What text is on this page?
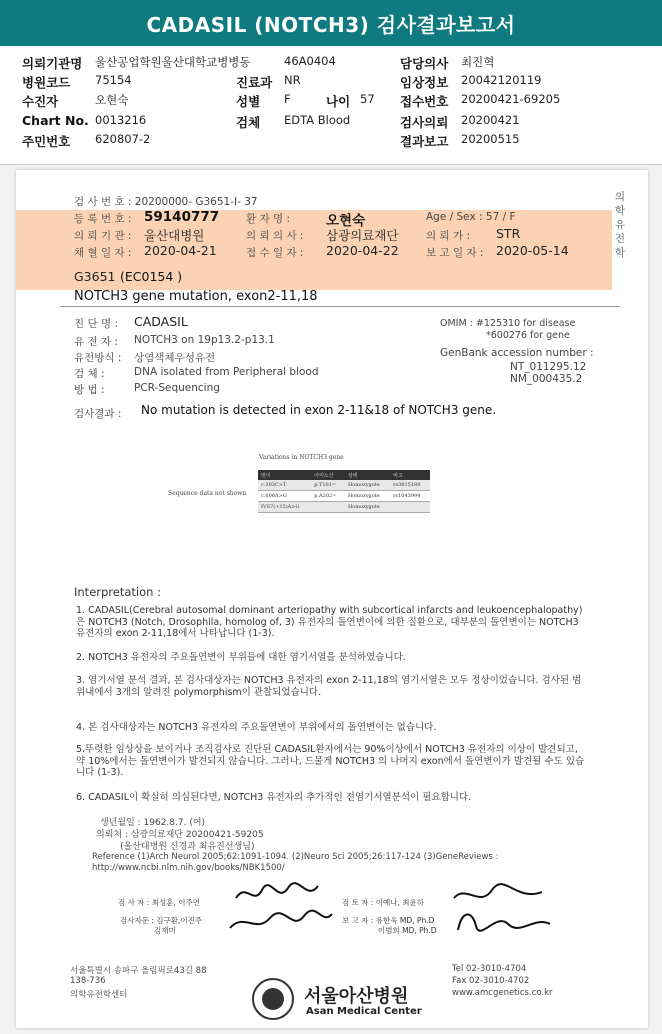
CADASIL (NOTCH3) 검사결과보고서
의뢰기관명 울산공업학원울산대학교병병동	46A0404	담당의사 최진혁
병원코드 75154	진료과 NR	임상정보 20042120119
수진자	오현숙	성별 F	나이 57 접수번호 20200421-69205
Chart No. 0013216	검체 EDTA Blood	검사의뢰 20200421
주민번호 620807-2	결과보고 20200515
의
학
유
전
학
검 사 번 호 : 20200000- G3651-I- 37
등 록 번 호 : 59140777	환 자 명 :	오현숙	Age / Sex : 57 / F
의 뢰 기 관 : 울산대병원	의 뢰 의 사 : 삼광의료재단	의 뢰 가 : STR
채 혈 일 자 : 2020-04-21	접 수 일 자 : 2020-04-22	보 고 일 자 : 2020-05-14
G3651 (EC0154 )
NOTCH3 gene mutation, exon2-11,18
진 단 명 : CADASIL
유 전 자 : NOTCH3 on 19p13.2-p13.1
유전방식 : 상염색체우성유전
검 체 :	DNA isolated from Peripheral blood
방 법 :	PCR-Sequencing
OMIM : #125310 for disease
*600276 for gene
GenBank accession number :
NT_011295.12
NM_000435.2
검사결과 : No mutation is detected in exon 2-11&18 of NOTCH3 gene.
Variations in NOTCH3 gene
Sequence data not shown
변이	아미노산	상태	비고
c.303C>T	p.T101=	Homozygote	rs3815188
c.606A>G	p.A202=	Homozygote	rs1043994
IVS7(+15)A>G		Homozygote	
Interpretation :
1. CADASIL(Cerebral autosomal dominant arteriopathy with subcortical infarcts and leukoencephalopathy)은 NOTCH3 (Notch, Drosophila, homolog of, 3) 유전자의 돌연변이에 의한 질환으로, 대부분의 돌연변이는 NOTCH3 유전자의 exon 2-11,18에서 나타납니다 (1-3).
2. NOTCH3 유전자의 주요돌연변이 부위들에 대한 염기서열을 분석하였습니다.
3. 염기서열 분석 결과, 본 검사대상자는 NOTCH3 유전자의 exon 2-11,18의 염기서열은 모두 정상이었습니다. 검사된 범위내에서 3개의 알려진 polymorphism이 관찰되었습니다.
4. 본 검사대상자는 NOTCH3 유전자의 주요돌연변이 부위에서의 돌연변이는 없습니다.
5.뚜렷한 임상상을 보이거나 조직검사로 진단된 CADASIL환자에서는 90%이상에서 NOTCH3 유전자의 이상이 발견되고, 약 10%에서는 돌연변이가 발견되지 않습니다. 그러나, 드물게 NOTCH3 의 나머지 exon에서 돌연변이가 발견될 수도 있습니다 (1-3).
6. CADASIL이 확실히 의심된다면, NOTCH3 유전자의 추가적인 전염기서열분석이 필요합니다.
생년월일 : 1962.8.7. (여)
의뢰처 : 삼광의료재단 20200421-59205
(울산대병원 신경과 최유진선생님)
Reference (1)Arch Neurol 2005;62:1091-1094. (2)Neuro Sci 2005;26:117-124 (3)GeneReviews :
http://www.ncbi.nlm.nih.gov/books/NBK1500/
검 사 자 : 최성훈, 이주연	검 토 자 : 이예나, 최윤하
검사자문 : 김구환,이진주
김재미
보 고 자 : 유한욱 MD, Ph.D
이범희 MD, Ph.D
서울특별시 송파구 올림픽로43길 88
138-736
의학유전학센터	서울아산병원
Asan Medical Center
Tel 02-3010-4704
Fax 02-3010-4702
www.amcgenetics.co.kr
